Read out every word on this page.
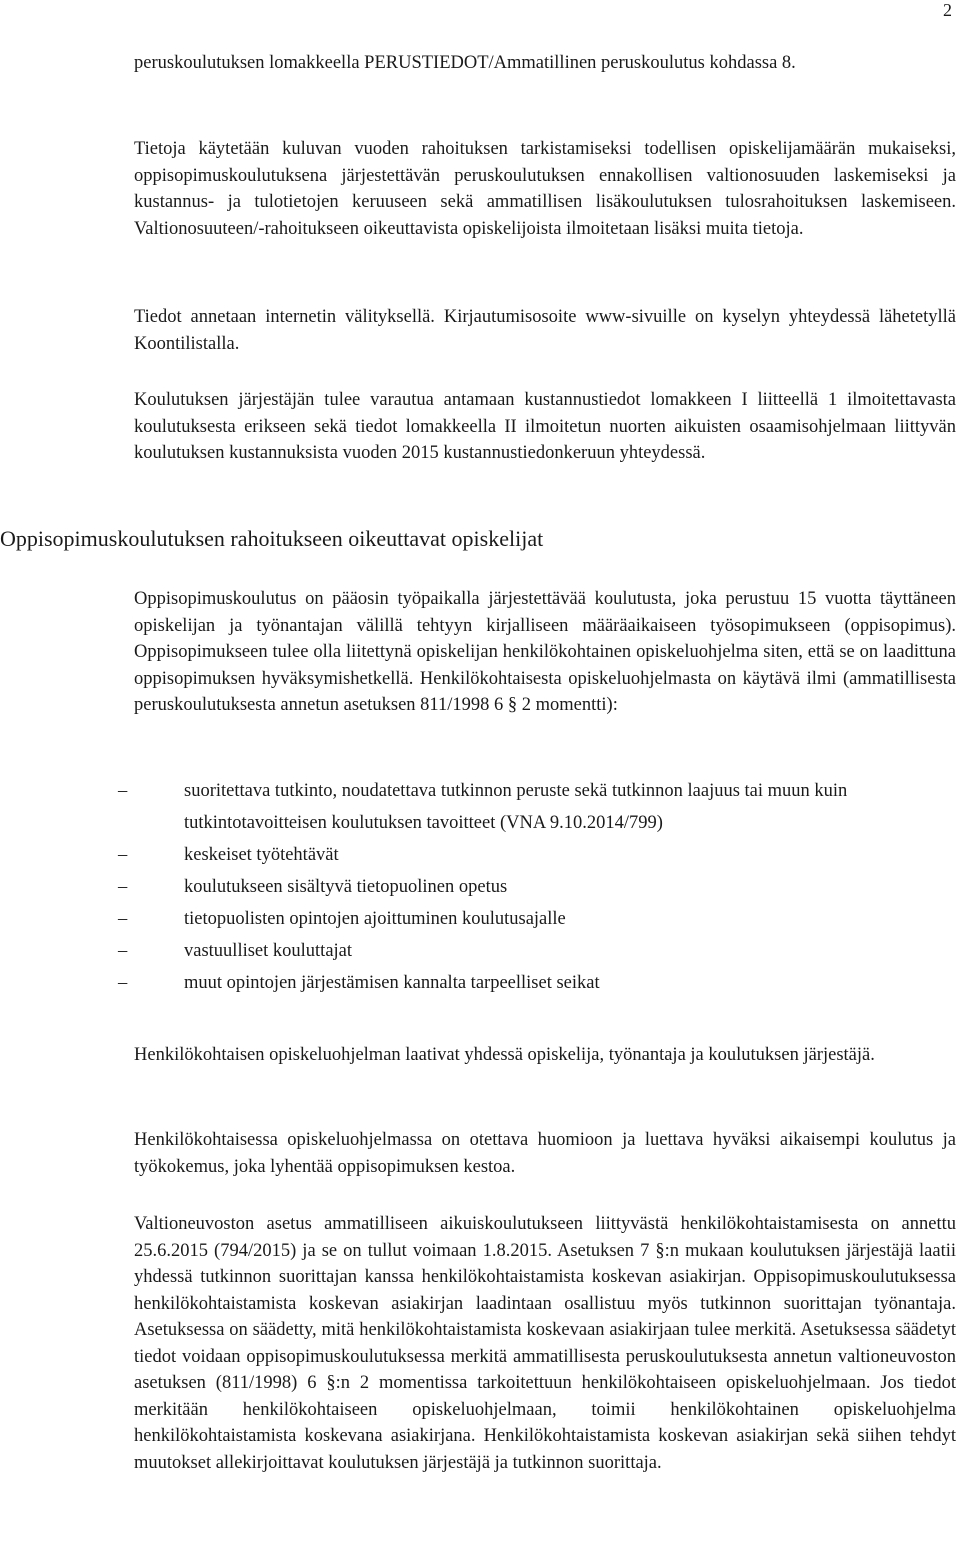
2

peruskoulutuksen lomakkeella PERUSTIEDOT/Ammatillinen peruskoulutus kohdassa 8.

Tietoja käytetään kuluvan vuoden rahoituksen tarkistamiseksi todellisen opiskelijamäärän mukaiseksi, oppisopimuskoulutuksena järjestettävän peruskoulutuksen ennakollisen valtionosuuden laskemiseksi ja kustannus- ja tulotietojen keruuseen sekä ammatillisen lisäkoulutuksen tulosrahoituksen laskemiseen. Valtionosuuteen/-rahoitukseen oikeuttavista opiskelijoista ilmoitetaan lisäksi muita tietoja.

Tiedot annetaan internetin välityksellä. Kirjautumisosoite www-sivuille on kyselyn yhteydessä lähetetyllä Koontilistalla.

Koulutuksen järjestäjän tulee varautua antamaan kustannustiedot lomakkeen I liitteellä 1 ilmoitettavasta koulutuksesta erikseen sekä tiedot lomakkeella II ilmoitetun nuorten aikuisten osaamisohjelmaan liittyvän koulutuksen kustannuksista vuoden 2015 kustannustiedonkeruun yhteydessä.

Oppisopimuskoulutuksen rahoitukseen oikeuttavat opiskelijat

Oppisopimuskoulutus on pääosin työpaikalla järjestettävää koulutusta, joka perustuu 15 vuotta täyttäneen opiskelijan ja työnantajan välillä tehtyyn kirjalliseen määräaikaiseen työsopimukseen (oppisopimus). Oppisopimukseen tulee olla liitettynä opiskelijan henkilökohtainen opiskeluohjelma siten, että se on laadittuna oppisopimuksen hyväksymishetkellä. Henkilökohtaisesta opiskeluohjelmasta on käytävä ilmi (ammatillisesta peruskoulutuksesta annetun asetuksen 811/1998 6 § 2 momentti):

–	suoritettava tutkinto, noudatettava tutkinnon peruste sekä tutkinnon laajuus tai muun kuin tutkintotavoitteisen koulutuksen tavoitteet (VNA 9.10.2014/799)
–	keskeiset työtehtävät
–	koulutukseen sisältyvä tietopuolinen opetus
–	tietopuolisten opintojen ajoittuminen koulutusajalle
–	vastuulliset kouluttajat
–	muut opintojen järjestämisen kannalta tarpeelliset seikat

Henkilökohtaisen opiskeluohjelman laativat yhdessä opiskelija, työnantaja ja koulutuksen järjestäjä.

Henkilökohtaisessa opiskeluohjelmassa on otettava huomioon ja luettava hyväksi aikaisempi koulutus ja työkokemus, joka lyhentää oppisopimuksen kestoa.

Valtioneuvoston asetus ammatilliseen aikuiskoulutukseen liittyvästä henkilökohtaistamisesta on annettu 25.6.2015 (794/2015) ja se on tullut voimaan 1.8.2015. Asetuksen 7 §:n mukaan koulutuksen järjestäjä laatii yhdessä tutkinnon suorittajan kanssa henkilökohtaistamista koskevan asiakirjan. Oppisopimuskoulutuksessa henkilökohtaistamista koskevan asiakirjan laadintaan osallistuu myös tutkinnon suorittajan työnantaja. Asetuksessa on säädetty, mitä henkilökohtaistamista koskevaan asiakirjaan tulee merkitä. Asetuksessa säädetyt tiedot voidaan oppisopimuskoulutuksessa merkitä ammatillisesta peruskoulutuksesta annetun valtioneuvoston asetuksen (811/1998) 6 §:n 2 momentissa tarkoitettuun henkilökohtaiseen opiskeluohjelmaan. Jos tiedot merkitään henkilökohtaiseen opiskeluohjelmaan, toimii henkilökohtainen opiskeluohjelma henkilökohtaistamista koskevana asiakirjana. Henkilökohtaistamista koskevan asiakirjan sekä siihen tehdyt muutokset allekirjoittavat koulutuksen järjestäjä ja tutkinnon suorittaja.
